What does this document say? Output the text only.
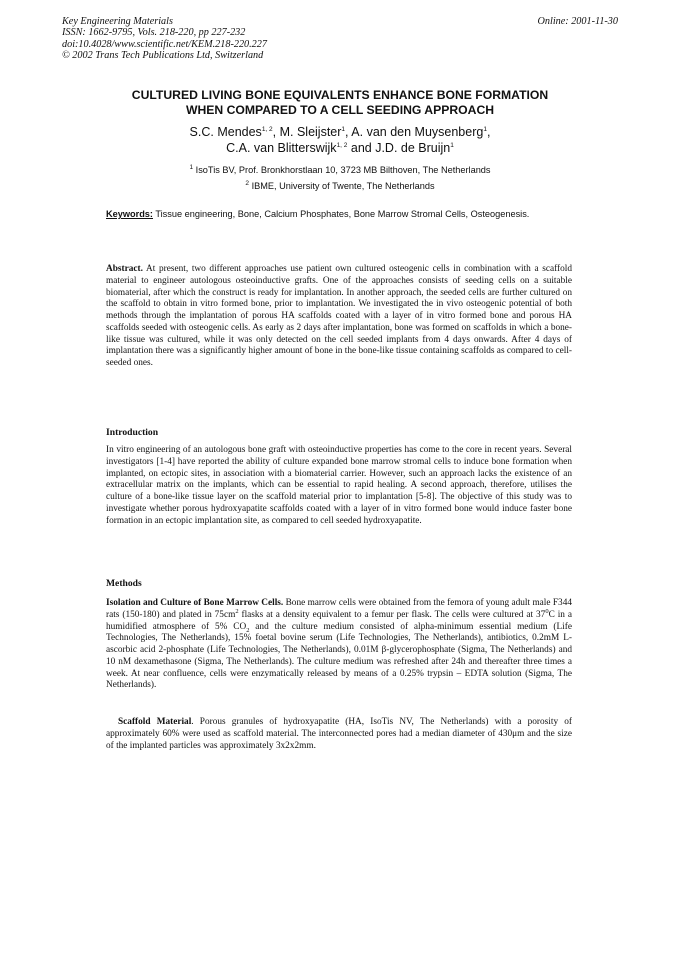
Key Engineering Materials
ISSN: 1662-9795, Vols. 218-220, pp 227-232
doi:10.4028/www.scientific.net/KEM.218-220.227
© 2002 Trans Tech Publications Ltd, Switzerland
Online: 2001-11-30
CULTURED LIVING BONE EQUIVALENTS ENHANCE BONE FORMATION
WHEN COMPARED TO A CELL SEEDING APPROACH
S.C. Mendes$^{1, 2}$, M. Sleijster$^1$, A. van den Muysenberg$^1$,
C.A. van Blitterswijk$^{1, 2}$ and J.D. de Bruijn$^1$
$^1$ IsoTis BV, Prof. Bronkhorstlaan 10, 3723 MB Bilthoven, The Netherlands
$^2$ IBME, University of Twente, The Netherlands
Keywords: Tissue engineering, Bone, Calcium Phosphates, Bone Marrow Stromal Cells, Osteogenesis.
Abstract. At present, two different approaches use patient own cultured osteogenic cells in combination with a scaffold material to engineer autologous osteoinductive grafts. One of the approaches consists of seeding cells on a suitable biomaterial, after which the construct is ready for implantation. In another approach, the seeded cells are further cultured on the scaffold to obtain in vitro formed bone, prior to implantation. We investigated the in vivo osteogenic potential of both methods through the implantation of porous HA scaffolds coated with a layer of in vitro formed bone and porous HA scaffolds seeded with osteogenic cells. As early as 2 days after implantation, bone was formed on scaffolds in which a bone-like tissue was cultured, while it was only detected on the cell seeded implants from 4 days onwards. After 4 days of implantation there was a significantly higher amount of bone in the bone-like tissue containing scaffolds as compared to cell-seeded ones.
Introduction
In vitro engineering of an autologous bone graft with osteoinductive properties has come to the core in recent years. Several investigators [1-4] have reported the ability of culture expanded bone marrow stromal cells to induce bone formation when implanted, on ectopic sites, in association with a biomaterial carrier. However, such an approach lacks the existence of an extracellular matrix on the implants, which can be essential to rapid healing. A second approach, therefore, utilises the culture of a bone-like tissue layer on the scaffold material prior to implantation [5-8]. The objective of this study was to investigate whether porous hydroxyapatite scaffolds coated with a layer of in vitro formed bone would induce faster bone formation in an ectopic implantation site, as compared to cell seeded hydroxyapatite.
Methods
Isolation and Culture of Bone Marrow Cells. Bone marrow cells were obtained from the femora of young adult male F344 rats (150-180) and plated in $75cm^2$ flasks at a density equivalent to a femur per flask. The cells were cultured at $37^0C$ in a humidified atmosphere of 5% $CO_2$ and the culture medium consisted of alpha-minimum essential medium (Life Technologies, The Netherlands), 15% foetal bovine serum (Life Technologies, The Netherlands), antibiotics, 0.2mM L-ascorbic acid 2-phosphate (Life Technologies, The Netherlands), 0.01M β-glycerophosphate (Sigma, The Netherlands) and 10 nM dexamethasone (Sigma, The Netherlands). The culture medium was refreshed after 24h and thereafter three times a week. At near confluence, cells were enzymatically released by means of a 0.25% trypsin – EDTA solution (Sigma, The Netherlands).
Scaffold Material. Porous granules of hydroxyapatite (HA, IsoTis NV, The Netherlands) with a porosity of approximately 60% were used as scaffold material. The interconnected pores had a median diameter of 430μm and the size of the implanted particles was approximately 3x2x2mm.
